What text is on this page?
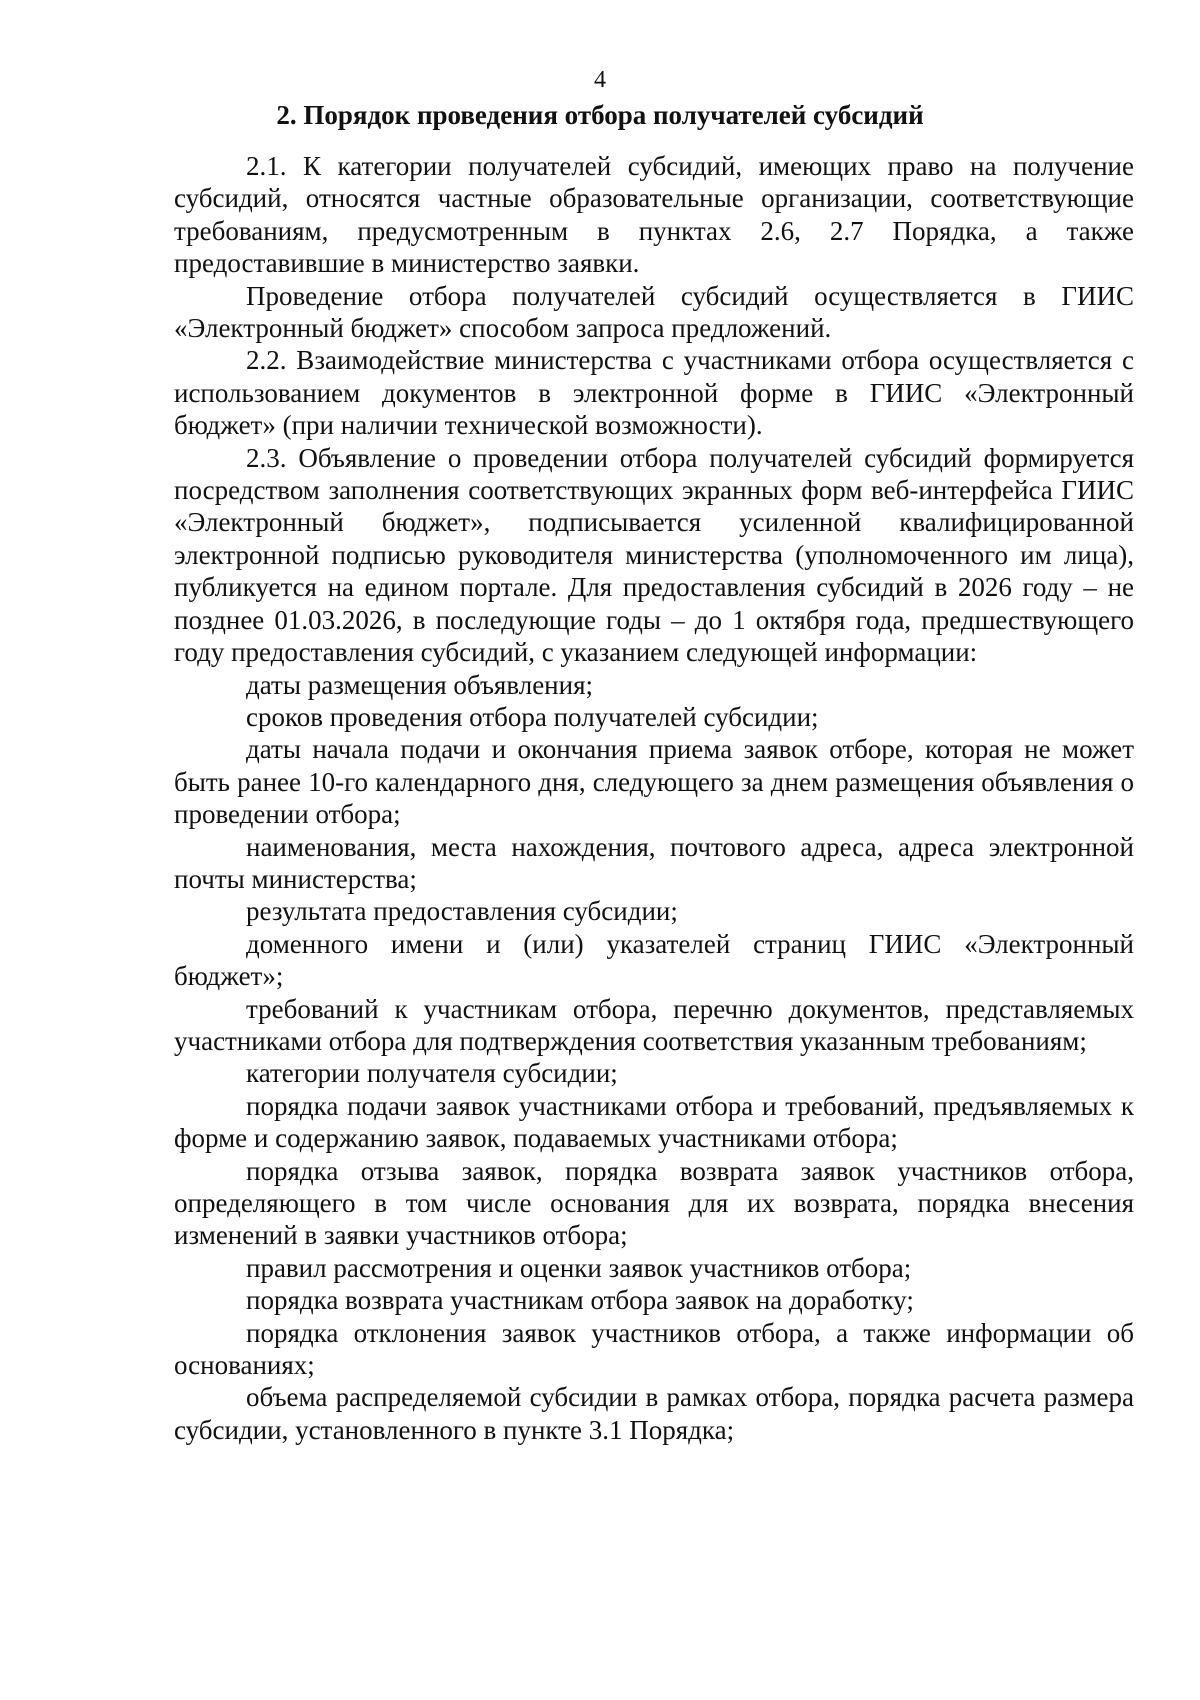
4
2. Порядок проведения отбора получателей субсидий

2.1. К категории получателей субсидий, имеющих право на получение субсидий, относятся частные образовательные организации, соответствующие требованиям, предусмотренным в пунктах 2.6, 2.7 Порядка, а также предоставившие в министерство заявки.

Проведение отбора получателей субсидий осуществляется в ГИИС «Электронный бюджет» способом запроса предложений.

2.2. Взаимодействие министерства с участниками отбора осуществляется с использованием документов в электронной форме в ГИИС «Электронный бюджет» (при наличии технической возможности).

2.3. Объявление о проведении отбора получателей субсидий формируется посредством заполнения соответствующих экранных форм веб-интерфейса ГИИС «Электронный бюджет», подписывается усиленной квалифицированной электронной подписью руководителя министерства (уполномоченного им лица), публикуется на едином портале. Для предоставления субсидий в 2026 году – не позднее 01.03.2026, в последующие годы – до 1 октября года, предшествующего году предоставления субсидий, с указанием следующей информации:

даты размещения объявления;

сроков проведения отбора получателей субсидии;

даты начала подачи и окончания приема заявок отборе, которая не может быть ранее 10-го календарного дня, следующего за днем размещения объявления о проведении отбора;

наименования, места нахождения, почтового адреса, адреса электронной почты министерства;

результата предоставления субсидии;

доменного имени и (или) указателей страниц ГИИС «Электронный бюджет»;

требований к участникам отбора, перечню документов, представляемых участниками отбора для подтверждения соответствия указанным требованиям;

категории получателя субсидии;

порядка подачи заявок участниками отбора и требований, предъявляемых к форме и содержанию заявок, подаваемых участниками отбора;

порядка отзыва заявок, порядка возврата заявок участников отбора, определяющего в том числе основания для их возврата, порядка внесения изменений в заявки участников отбора;

правил рассмотрения и оценки заявок участников отбора;

порядка возврата участникам отбора заявок на доработку;

порядка отклонения заявок участников отбора, а также информации об основаниях;

объема распределяемой субсидии в рамках отбора, порядка расчета размера субсидии, установленного в пункте 3.1 Порядка;
